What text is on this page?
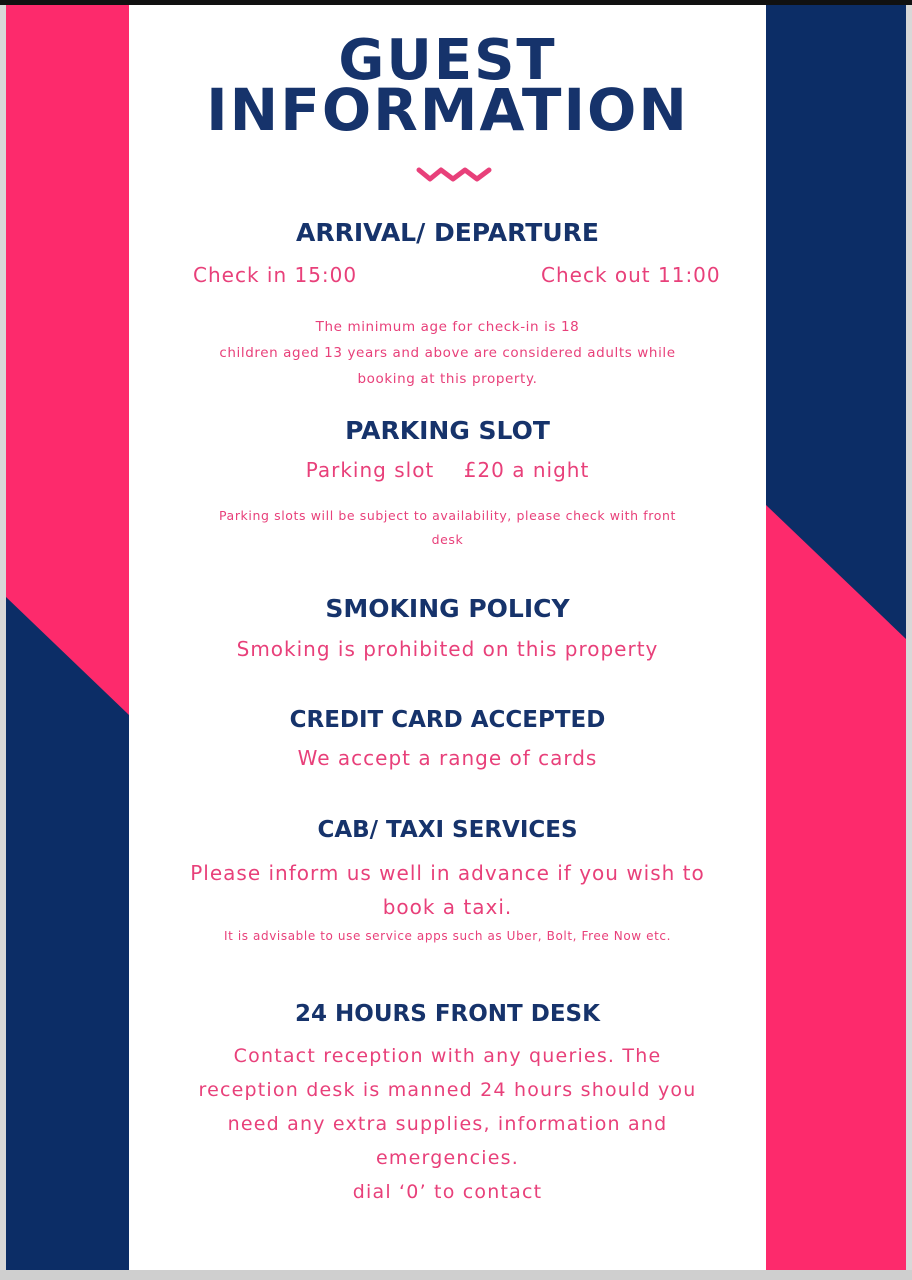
GUEST
INFORMATION
ARRIVAL/ DEPARTURE
Check in 15:00	Check out 11:00
The minimum age for check-in is 18
children aged 13 years and above are considered adults while
booking at this property.
PARKING SLOT
Parking slot    £20 a night
Parking slots will be subject to availability, please check with front
desk
SMOKING POLICY
Smoking is prohibited on this property
CREDIT CARD ACCEPTED
We accept a range of cards
CAB/ TAXI SERVICES
Please inform us well in advance if you wish to
book a taxi.
It is advisable to use service apps such as Uber, Bolt, Free Now etc.
24 HOURS FRONT DESK
Contact reception with any queries. The
reception desk is manned 24 hours should you
need any extra supplies, information and
emergencies.
dial ‘0’ to contact
